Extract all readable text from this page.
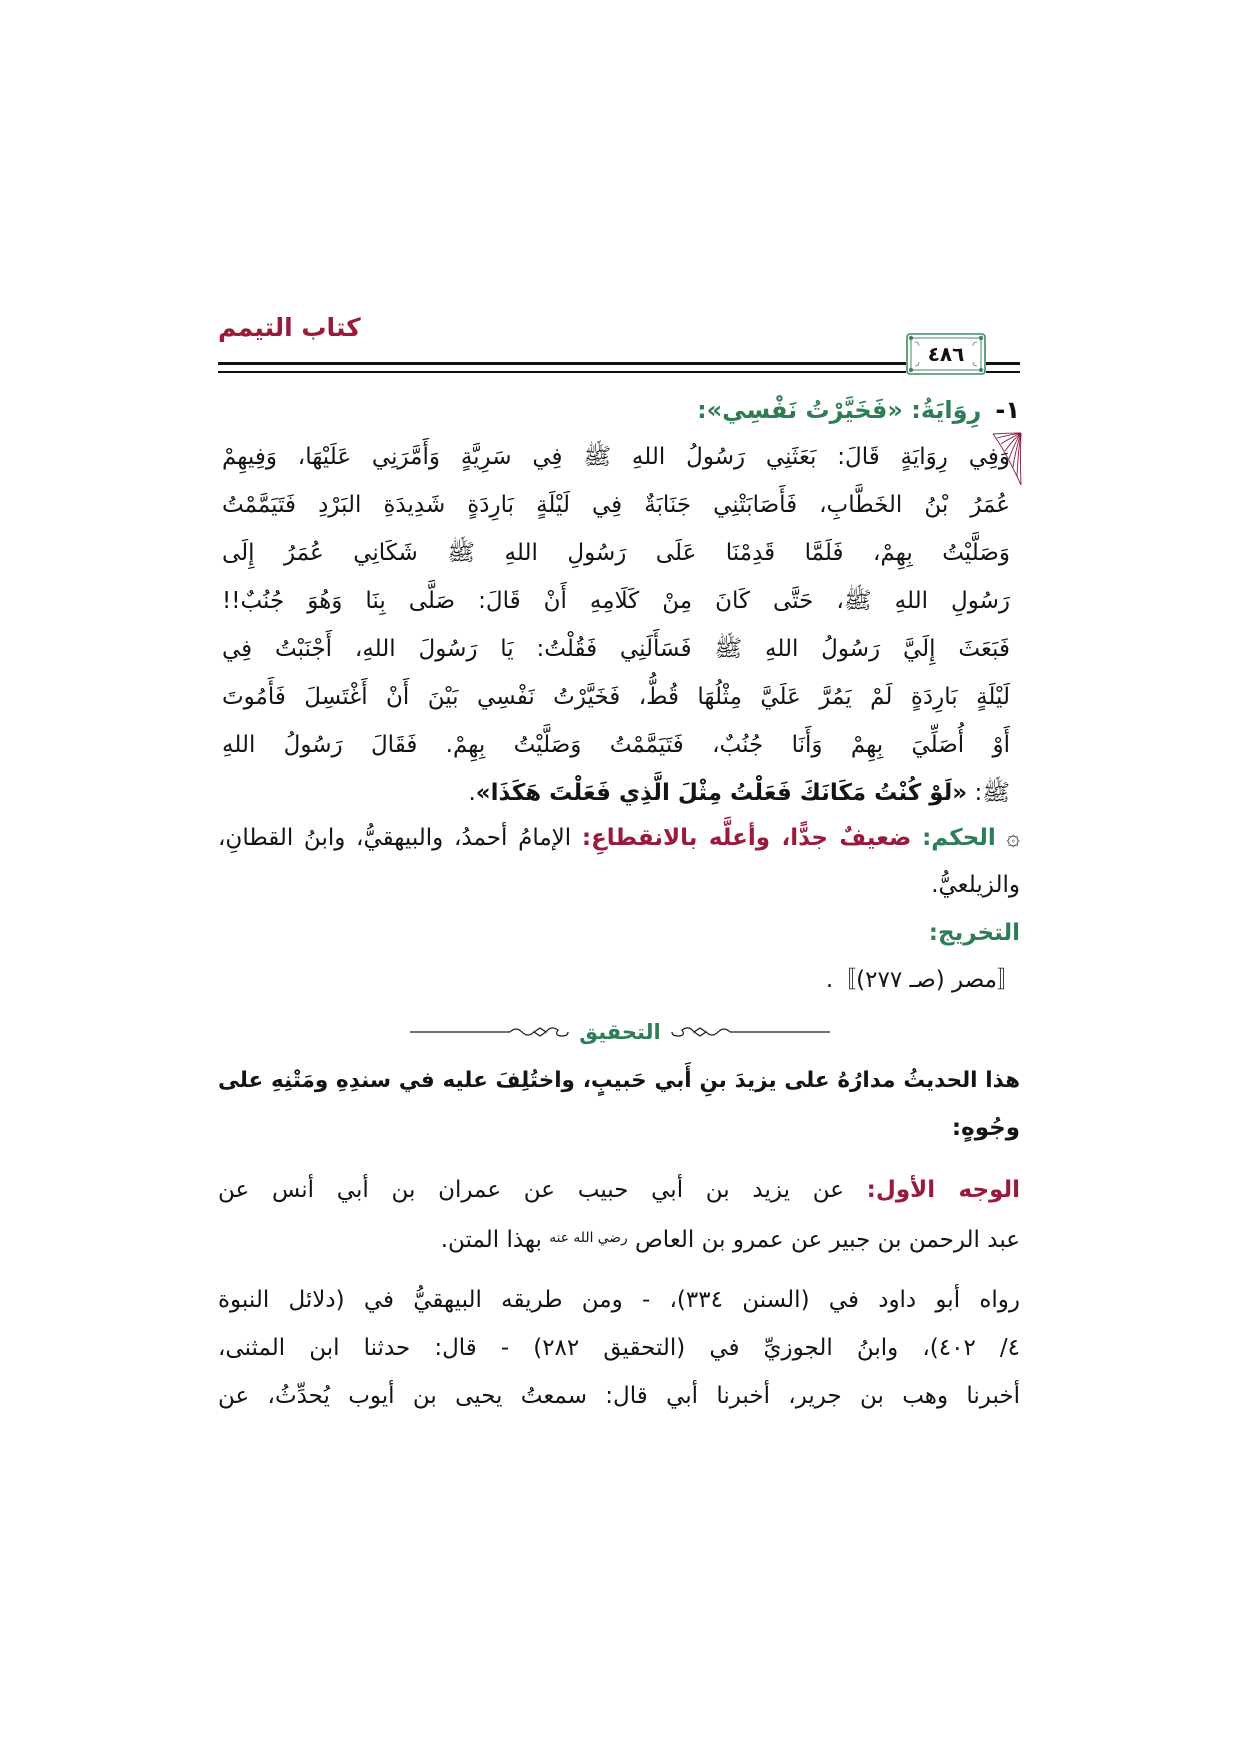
كتاب التيمم
٤٨٦
١-رِوَايَةُ: «فَخَيَّرْتُ نَفْسِي»:
وَفِي رِوَايَةٍ قَالَ: بَعَثَنِي رَسُولُ اللهِ ﷺ فِي سَرِيَّةٍ وَأَمَّرَنِي عَلَيْهَا، وَفِيهِمْ
عُمَرُ بْنُ الخَطَّابِ، فَأَصَابَتْنِي جَنَابَةٌ فِي لَيْلَةٍ بَارِدَةٍ شَدِيدَةِ البَرْدِ فَتَيَمَّمْتُ
وَصَلَّيْتُ بِهِمْ، فَلَمَّا قَدِمْنَا عَلَى رَسُولِ اللهِ ﷺ شَكَانِي عُمَرُ إِلَى
رَسُولِ اللهِ ﷺ، حَتَّى كَانَ مِنْ كَلَامِهِ أَنْ قَالَ: صَلَّى بِنَا وَهُوَ جُنُبٌ!!
فَبَعَثَ إِلَيَّ رَسُولُ اللهِ ﷺ فَسَأَلَنِي فَقُلْتُ: يَا رَسُولَ اللهِ، أَجْنَبْتُ فِي
لَيْلَةٍ بَارِدَةٍ لَمْ يَمُرَّ عَلَيَّ مِثْلُهَا قُطُّ، فَخَيَّرْتُ نَفْسِي بَيْنَ أَنْ أَغْتَسِلَ فَأَمُوتَ
أَوْ أُصَلِّيَ بِهِمْ وَأَنَا جُنُبٌ، فَتَيَمَّمْتُ وَصَلَّيْتُ بِهِمْ. فَقَالَ رَسُولُ اللهِ
ﷺ: «لَوْ كُنْتُ مَكَانَكَ فَعَلْتُ مِثْلَ الَّذِي فَعَلْتَ هَكَذَا».
۞ الحكم: ضعيفٌ جدًّا، وأعلَّه بالانقطاعِ: الإمامُ أحمدُ، والبيهقيُّ، وابنُ القطانِ،
والزيلعيُّ.
التخريج:
〚مصر (صـ ٢٧٧)〛.
التحقيق
هذا الحديثُ مدارُهُ على يزيدَ بنِ أَبي حَبيبٍ، واختُلِفَ عليه في سندِهِ ومَتْنِهِ على
وجُوهٍ:
الوجه الأول: عن يزيد بن أبي حبيب عن عمران بن أبي أنس عن
عبد الرحمن بن جبير عن عمرو بن العاص $^{رضي الله عنه}$ بهذا المتن.
رواه أبو داود في (السنن ٣٣٤)، - ومن طريقه البيهقيُّ في (دلائل النبوة
٤/ ٤٠٢)، وابنُ الجوزيِّ في (التحقيق ٢٨٢) - قال: حدثنا ابن المثنى،
أخبرنا وهب بن جرير، أخبرنا أبي قال: سمعتُ يحيى بن أيوب يُحدِّثُ، عن
